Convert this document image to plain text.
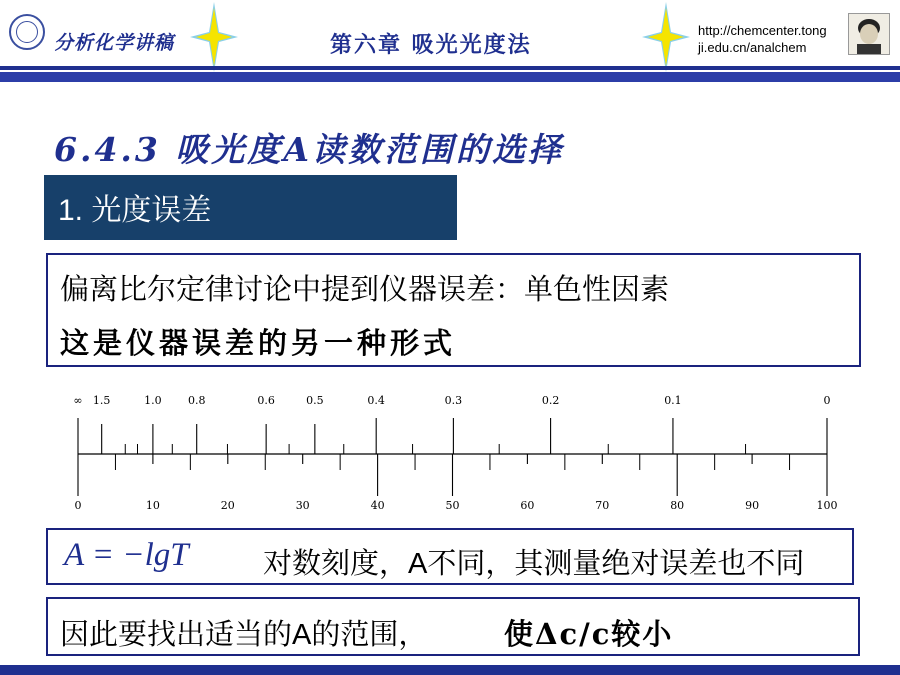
分析化学讲稿	第六章 吸光光度法
http://chemcenter.tong
ji.edu.cn/analchem
6.4.3 吸光度A读数范围的选择
1. 光度误差
偏离比尔定律讨论中提到仪器误差：单色性因素
这是仪器误差的另一种形式
0	10	20	30	40	50	60	70	80	90	100
∞ 1.5	1.0 0.8	0.6	0.5	0.4	0.3	0.2	0.1	0
A = −lgT	对数刻度，A不同，其测量绝对误差也不同
因此要找出适当的A的范围，	使Δc/c较小
